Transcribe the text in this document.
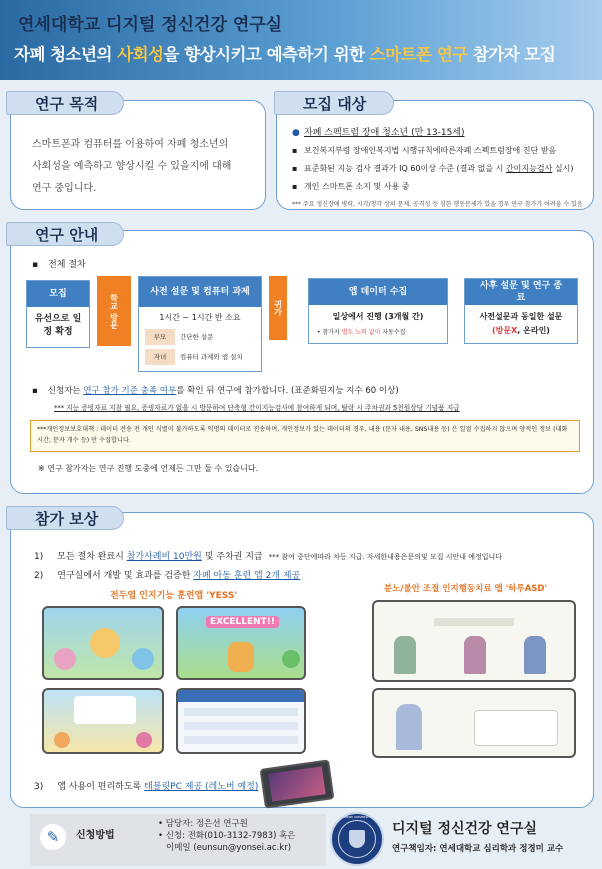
연세대학교 디지털 정신건강 연구실
자폐 청소년의 사회성을 향상시키고 예측하기 위한 스마트폰 연구 참가자 모집
연구 목적
스마트폰과 컴퓨터를 이용하여 자폐 청소년의
사회성을 예측하고 향상시킬 수 있을지에 대해
연구 중입니다.
모집 대상
● 자폐 스펙트럼 장애 청소년 (만 13-15세)
▪ 보건복지부령 장애인복지법 시행규칙에따른자폐 스펙트럼장애 진단 받음
▪ 표준화된 지능 검사 결과가 IQ 60이상 수준 (결과 없을 시 간이지능검사 실시)
▪ 개인 스마트폰 소지 및 사용 중
*** 주요 정신장애 병력, 시각/청각 상의 문제, 공격성 등 심한 행동문제가 있을 경우 연구 참가가 어려울 수 있음
연구 안내
▪ 전체 절차
모집
유선으로 일정 확정
학교 방문
사전 설문 및 컴퓨터 과제
1시간 ~ 1시간 반 소요
부모	간단한 설문
자녀	컴퓨터 과제와 앱 설치
귀가
앱 데이터 수집
일상에서 진행 (3개월 간)
• 참가자 별도 노력 없이 자동수집
사후 설문 및 연구 종료
사전설문과 동일한 설문
(방문X, 온라인)
▪ 신청자는 연구 참가 기준 충족 여부를 확인 뒤 연구에 참가합니다. (표준화된지능 지수 60 이상)
*** 지능 증빙자료 지참 필요, 증빙자료가 없을 시 방문하여 단축형 간이지능검사에 참여하게 되며, 탈락 시 주차권과 5천원상당 기념품 지급
***개인정보보호대책 : 데이터 전송 전 개인 식별이 불가하도록 익명의 데이터로 전송하며, 개인정보가 있는 데이터의 경우, 내용 (문자 내용, SNS내용 등) 은 일절 수집하지 않으며 양적인 정보 (대화 시간, 문자 개수 등) 만 수집합니다.
※ 연구 참가자는 연구 진행 도중에 언제든 그만 둘 수 있습니다.
참가 보상
1) 모든 절차 완료시 참가사례비 10만원 및 주차권 지급 *** 참여 중단에따라 차등 지급. 자세한내용은문의및 모집 시안내 예정입니다
2) 연구실에서 개발 및 효과를 검증한 자폐 아동 훈련 앱 2개 제공
전두엽 인지기능 훈련앱 'YESS'
분노/불안 조절 인지행동치료 앱 '하루ASD'
EXCELLENT!!
3) 앱 사용이 편리하도록 태블릿PC 제공 (레노버 예정)
✎	신청방법
• 담당자: 정은선 연구원
• 신청: 전화(010-3132-7983) 혹은
이메일 (eunsun@yonsei.ac.kr)
YONSEI UNIVERSITY
디지털 정신건강 연구실
연구책임자: 연세대학교 심리학과 정경미 교수
